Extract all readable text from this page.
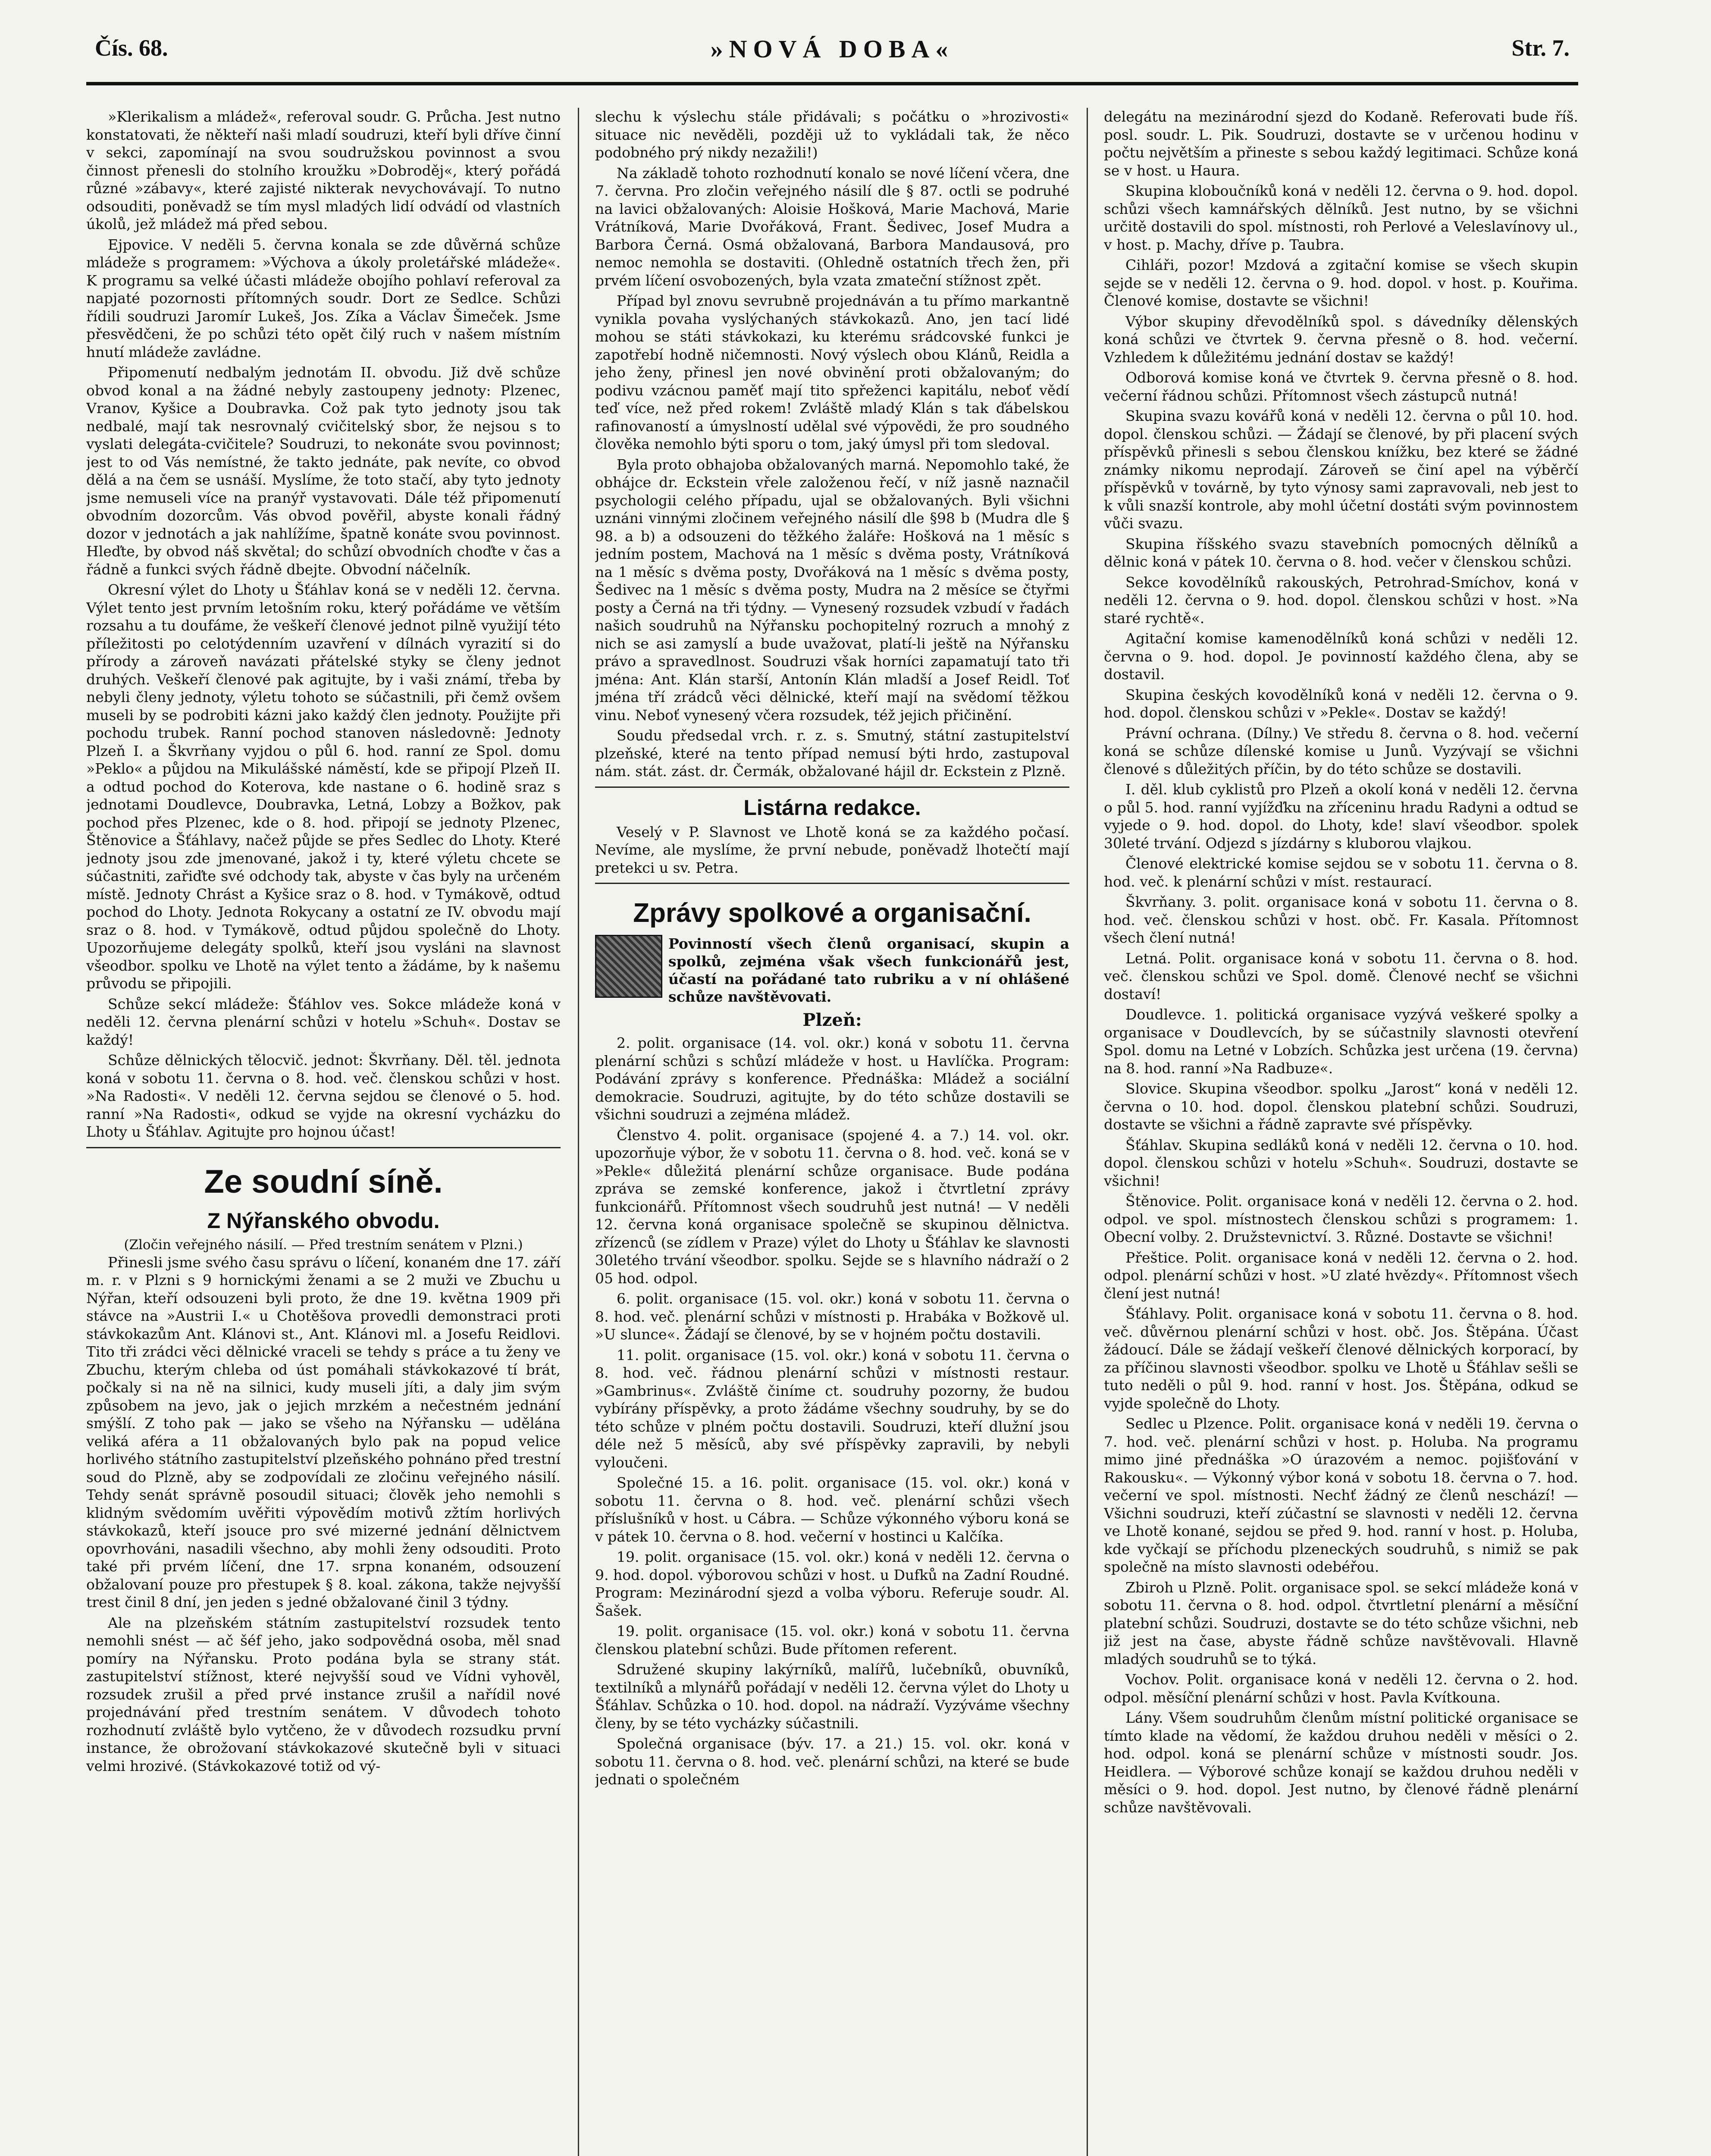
Čís. 68.	»NOVÁ DOBA«	Str. 7.

»Klerikalism a mládež«, referoval soudr. G. Průcha. Jest nutno konstatovati, že někteří naši mladí soudruzi, kteří byli dříve činní v sekci, zapomínají na svou soudružskou povinnost a svou činnost přenesli do stolního kroužku »Dobroděj«, který pořádá různé »zábavy«, které zajisté nikterak nevychovávají. To nutno odsouditi, poněvadž se tím mysl mladých lidí odvádí od vlastních úkolů, jež mládež má před sebou.

Ejpovice. V neděli 5. června konala se zde důvěrná schůze mládeže s programem: »Výchova a úkoly proletářské mládeže«. K programu sa velké účasti mládeže obojího pohlaví referoval za napjaté pozornosti přítomných soudr. Dort ze Sedlce. Schůzi řídili soudruzi Jaromír Lukeš, Jos. Zíka a Václav Šimeček. Jsme přesvědčeni, že po schůzi této opět čilý ruch v našem místním hnutí mládeže zavládne.

Připomenutí nedbalým jednotám II. obvodu. Již dvě schůze obvod konal a na žádné nebyly zastoupeny jednoty: Plzenec, Vranov, Kyšice a Doubravka. Což pak tyto jednoty jsou tak nedbalé, mají tak nesrovnalý cvičitelský sbor, že nejsou s to vyslati delegáta-cvičitele? Soudruzi, to nekonáte svou povinnost; jest to od Vás nemístné, že takto jednáte, pak nevíte, co obvod dělá a na čem se usnáší. Myslíme, že toto stačí, aby tyto jednoty jsme nemuseli více na pranýř vystavovati. Dále též připomenutí obvodním dozorcům. Vás obvod pověřil, abyste konali řádný dozor v jednotách a jak nahlížíme, špatně konáte svou povinnost. Hleďte, by obvod náš skvětal; do schůzí obvodních choďte v čas a řádně a funkci svých řádně dbejte. Obvodní náčelník.

Okresní výlet do Lhoty u Šťáhlav koná se v neděli 12. června. Výlet tento jest prvním letošním roku, který pořádáme ve větším rozsahu a tu doufáme, že veškeří členové jednot pilně využijí této příležitosti po celotýdenním uzavření v dílnách vyrazití si do přírody a zároveň navázati přátelské styky se členy jednot druhých. Veškeří členové pak agitujte, by i vaši známí, třeba by nebyli členy jednoty, výletu tohoto se súčastnili, při čemž ovšem museli by se podrobiti kázni jako každý člen jednoty. Použijte při pochodu trubek. Ranní pochod stanoven následovně: Jednoty Plzeň I. a Škvrňany vyjdou o půl 6. hod. ranní ze Spol. domu »Peklo« a půjdou na Mikulášské náměstí, kde se připojí Plzeň II. a odtud pochod do Koterova, kde nastane o 6. hodině sraz s jednotami Doudlevce, Doubravka, Letná, Lobzy a Božkov, pak pochod přes Plzenec, kde o 8. hod. připojí se jednoty Plzenec, Štěnovice a Šťáhlavy, načež půjde se přes Sedlec do Lhoty. Které jednoty jsou zde jmenované, jakož i ty, které výletu chcete se súčastniti, zařiďte své odchody tak, abyste v čas byly na určeném místě. Jednoty Chrást a Kyšice sraz o 8. hod. v Tymákově, odtud pochod do Lhoty. Jednota Rokycany a ostatní ze IV. obvodu mají sraz o 8. hod. v Tymákově, odtud půjdou společně do Lhoty. Upozorňujeme delegáty spolků, kteří jsou vysláni na slavnost všeodbor. spolku ve Lhotě na výlet tento a žádáme, by k našemu průvodu se připojili.

Schůze sekcí mládeže: Šťáhlov ves. Sokce mládeže koná v neděli 12. června plenární schůzi v hotelu »Schuh«. Dostav se každý!

Schůze dělnických tělocvič. jednot: Škvrňany. Děl. těl. jednota koná v sobotu 11. června o 8. hod. več. členskou schůzi v host. »Na Radosti«. V neděli 12. června sejdou se členové o 5. hod. ranní »Na Radosti«, odkud se vyjde na okresní vycházku do Lhoty u Šťáhlav. Agitujte pro hojnou účast!

Ze soudní síně.
Z Nýřanského obvodu.
(Zločin veřejného násilí. — Před trestním senátem v Plzni.)

Přinesli jsme svého času správu o líčení, konaném dne 17. září m. r. v Plzni s 9 hornickými ženami a se 2 muži ve Zbuchu u Nýřan, kteří odsouzeni byli proto, že dne 19. května 1909 při stávce na »Austrii I.« u Chotěšova provedli demonstraci proti stávkokazům Ant. Klánovi st., Ant. Klánovi ml. a Josefu Reidlovi. Tito tři zrádci věci dělnické vraceli se tehdy s práce a tu ženy ve Zbuchu, kterým chleba od úst pomáhali stávkokazové tí brát, počkaly si na ně na silnici, kudy museli jíti, a daly jim svým způsobem na jevo, jak o jejich mrzkém a nečestném jednání smýšlí. Z toho pak — jako se všeho na Nýřansku — udělána veliká aféra a 11 obžalovaných bylo pak na popud velice horlivého státního zastupitelství plzeňského pohnáno před trestní soud do Plzně, aby se zodpovídali ze zločinu veřejného násilí. Tehdy senát správně posoudil situaci; člověk jeho nemohli s klidným svědomím uvěřiti výpovědím motivů zžtím horlivých stávkokazů, kteří jsouce pro své mizerné jednání dělnictvem opovrhováni, nasadili všechno, aby mohli ženy odsouditi. Proto také při prvém líčení, dne 17. srpna konaném, odsouzení obžalovaní pouze pro přestupek § 8. koal. zákona, takže nejvyšší trest činil 8 dní, jen jeden s jedné obžalované činil 3 týdny.

Ale na plzeňském státním zastupitelství rozsudek tento nemohli snést — ač šéf jeho, jako sodpovědná osoba, měl snad pomíry na Nýřansku. Proto podána byla se strany stát. zastupitelství stížnost, které nejvyšší soud ve Vídni vyhověl, rozsudek zrušil a před prvé instance zrušil a nařídil nové projednávání před trestním senátem. V důvodech tohoto rozhodnutí zvláště bylo vytčeno, že v důvodech rozsudku první instance, že obrožovaní stávkokazové skutečně byli v situaci velmi hrozivé. (Stávkokazové totiž od vý-

slechu k výslechu stále přidávali; s počátku o »hrozivosti« situace nic nevěděli, později už to vykládali tak, že něco podobného prý nikdy nezažili!)

Na základě tohoto rozhodnutí konalo se nové líčení včera, dne 7. června. Pro zločin veřejného násilí dle § 87. octli se podruhé na lavici obžalovaných: Aloisie Hošková, Marie Machová, Marie Vrátníková, Marie Dvořáková, Frant. Šedivec, Josef Mudra a Barbora Černá. Osmá obžalovaná, Barbora Mandausová, pro nemoc nemohla se dostaviti. (Ohledně ostatních třech žen, při prvém líčení osvobozených, byla vzata zmateční stížnost zpět.

Případ byl znovu sevrubně projednáván a tu přímo markantně vynikla povaha vyslýchaných stávkokazů. Ano, jen tací lidé mohou se státi stávkokazi, ku kterému srádcovské funkci je zapotřebí hodně ničemnosti. Nový výslech obou Klánů, Reidla a jeho ženy, přinesl jen nové obvinění proti obžalovaným; do podivu vzácnou paměť mají tito spřeženci kapitálu, neboť vědí teď více, než před rokem! Zvláště mladý Klán s tak ďábelskou rafinovaností a úmyslností udělal své výpovědi, že pro soudného člověka nemohlo býti sporu o tom, jaký úmysl při tom sledoval.

Byla proto obhajoba obžalovaných marná. Nepomohlo také, že obhájce dr. Eckstein vřele založenou řečí, v níž jasně naznačil psychologii celého případu, ujal se obžalovaných. Byli všichni uznáni vinnými zločinem veřejného násilí dle §98 b (Mudra dle § 98. a b) a odsouzeni do těžkého žaláře: Hošková na 1 měsíc s jedním postem, Machová na 1 měsíc s dvěma posty, Vrátníková na 1 měsíc s dvěma posty, Dvořáková na 1 měsíc s dvěma posty, Šedivec na 1 měsíc s dvěma posty, Mudra na 2 měsíce se čtyřmi posty a Černá na tři týdny. — Vynesený rozsudek vzbudí v řadách našich soudruhů na Nýřansku pochopitelný rozruch a mnohý z nich se asi zamyslí a bude uvažovat, platí-li ještě na Nýřansku právo a spravedlnost. Soudruzi však horníci zapamatují tato tři jména: Ant. Klán starší, Antonín Klán mladší a Josef Reidl. Toť jména tří zrádců věci dělnické, kteří mají na svědomí těžkou vinu. Neboť vynesený včera rozsudek, též jejich přičinění.

Soudu předsedal vrch. r. z. s. Smutný, státní zastupitelství plzeňské, které na tento případ nemusí býti hrdo, zastupoval nám. stát. zást. dr. Čermák, obžalované hájil dr. Eckstein z Plzně.

Listárna redakce.

Veselý v P. Slavnost ve Lhotě koná se za každého počasí. Nevíme, ale myslíme, že první nebude, poněvadž lhotečtí mají pretekci u sv. Petra.

Zprávy spolkové a organisační.
Povinností všech členů organisací, skupin a spolků, zejména však všech funkcionářů jest, účastí na pořádané tato rubriku a v ní ohlášené schůze navštěvovati.
Plzeň:

2. polit. organisace (14. vol. okr.) koná v sobotu 11. června plenární schůzi s schůzí mládeže v host. u Havlíčka. Program: Podávání zprávy s konference. Přednáška: Mládež a sociální demokracie. Soudruzi, agitujte, by do této schůze dostavili se všichni soudruzi a zejména mládež.

Členstvo 4. polit. organisace (spojené 4. a 7.) 14. vol. okr. upozorňuje výbor, že v sobotu 11. června o 8. hod. več. koná se v »Pekle« důležitá plenární schůze organisace. Bude podána zpráva se zemské konference, jakož i čtvrtletní zprávy funkcionářů. Přítomnost všech soudruhů jest nutná! — V neděli 12. června koná organisace společně se skupinou dělnictva. zřízenců (se zídlem v Praze) výlet do Lhoty u Šťáhlav ke slavnosti 30letého trvání všeodbor. spolku. Sejde se s hlavního nádraží o 2 05 hod. odpol.

6. polit. organisace (15. vol. okr.) koná v sobotu 11. června o 8. hod. več. plenární schůzi v místnosti p. Hrabáka v Božkově ul. »U slunce«. Žádají se členové, by se v hojném počtu dostavili.

11. polit. organisace (15. vol. okr.) koná v sobotu 11. června o 8. hod. več. řádnou plenární schůzi v místnosti restaur. »Gambrinus«. Zvláště činíme ct. soudruhy pozorny, že budou vybírány příspěvky, a proto žádáme všechny soudruhy, by se do této schůze v plném počtu dostavili. Soudruzi, kteří dlužní jsou déle než 5 měsíců, aby své příspěvky zapravili, by nebyli vyloučeni.

Společné 15. a 16. polit. organisace (15. vol. okr.) koná v sobotu 11. června o 8. hod. več. plenární schůzi všech příslušníků v host. u Cábra. — Schůze výkonného výboru koná se v pátek 10. června o 8. hod. večerní v hostinci u Kalčíka.

19. polit. organisace (15. vol. okr.) koná v neděli 12. června o 9. hod. dopol. výborovou schůzi v host. u Dufků na Zadní Roudné. Program: Mezinárodní sjezd a volba výboru. Referuje soudr. Al. Šašek.

19. polit. organisace (15. vol. okr.) koná v sobotu 11. června členskou platební schůzi. Bude přítomen referent.

Sdružené skupiny lakýrníků, malířů, lučebníků, obuvníků, textilníků a mlynářů pořádají v neděli 12. června výlet do Lhoty u Šťáhlav. Schůzka o 10. hod. dopol. na nádraží. Vyzýváme všechny členy, by se této vycházky súčastnili.

Společná organisace (býv. 17. a 21.) 15. vol. okr. koná v sobotu 11. června o 8. hod. več. plenární schůzi, na které se bude jednati o společném

delegátu na mezinárodní sjezd do Kodaně. Referovati bude říš. posl. soudr. L. Pik. Soudruzi, dostavte se v určenou hodinu v počtu největším a přineste s sebou každý legitimaci. Schůze koná se v host. u Haura.

Skupina kloboučníků koná v neděli 12. června o 9. hod. dopol. schůzi všech kamnářských dělníků. Jest nutno, by se všichni určitě dostavili do spol. místnosti, roh Perlové a Veleslavínovy ul., v host. p. Machy, dříve p. Taubra.

Cihláři, pozor! Mzdová a zgitační komise se všech skupin sejde se v neděli 12. června o 9. hod. dopol. v host. p. Kouřima. Členové komise, dostavte se všichni!

Výbor skupiny dřevodělníků spol. s dávedníky dělenských koná schůzi ve čtvrtek 9. června přesně o 8. hod. večerní. Vzhledem k důležitému jednání dostav se každý!

Odborová komise koná ve čtvrtek 9. června přesně o 8. hod. večerní řádnou schůzi. Přítomnost všech zástupců nutná!

Skupina svazu kovářů koná v neděli 12. června o půl 10. hod. dopol. členskou schůzi. — Žádají se členové, by při placení svých příspěvků přinesli s sebou členskou knížku, bez které se žádné známky nikomu neprodají. Zároveň se činí apel na výběrčí příspěvků v továrně, by tyto výnosy sami zapravovali, neb jest to k vůli snazší kontrole, aby mohl účetní dostáti svým povinnostem vůči svazu.

Skupina říšského svazu stavebních pomocných dělníků a dělnic koná v pátek 10. června o 8. hod. večer v členskou schůzi.

Sekce kovodělníků rakouských, Petrohrad-Smíchov, koná v neděli 12. června o 9. hod. dopol. členskou schůzi v host. »Na staré rychtě«.

Agitační komise kamenodělníků koná schůzi v neděli 12. června o 9. hod. dopol. Je povinností každého člena, aby se dostavil.

Skupina českých kovodělníků koná v neděli 12. června o 9. hod. dopol. členskou schůzi v »Pekle«. Dostav se každý!

Právní ochrana. (Dílny.) Ve středu 8. června o 8. hod. večerní koná se schůze dílenské komise u Junů. Vyzývají se všichni členové s důležitých příčin, by do této schůze se dostavili.

I. děl. klub cyklistů pro Plzeň a okolí koná v neděli 12. června o půl 5. hod. ranní vyjížďku na zříceninu hradu Radyni a odtud se vyjede o 9. hod. dopol. do Lhoty, kde! slaví všeodbor. spolek 30leté trvání. Odjezd s jízdárny s kluborou vlajkou.

Členové elektrické komise sejdou se v sobotu 11. června o 8. hod. več. k plenární schůzi v míst. restaurací.

Škvrňany. 3. polit. organisace koná v sobotu 11. června o 8. hod. več. členskou schůzi v host. obč. Fr. Kasala. Přítomnost všech člení nutná!

Letná. Polit. organisace koná v sobotu 11. června o 8. hod. več. členskou schůzi ve Spol. domě. Členové nechť se všichni dostaví!

Doudlevce. 1. politická organisace vyzývá veškeré spolky a organisace v Doudlevcích, by se súčastnily slavnosti otevření Spol. domu na Letné v Lobzích. Schůzka jest určena (19. června) na 8. hod. ranní »Na Radbuze«.

Slovice. Skupina všeodbor. spolku „Jarost“ koná v neděli 12. června o 10. hod. dopol. členskou platební schůzi. Soudruzi, dostavte se všichni a řádně zapravte své příspěvky.

Šťáhlav. Skupina sedláků koná v neděli 12. června o 10. hod. dopol. členskou schůzi v hotelu »Schuh«. Soudruzi, dostavte se všichni!

Štěnovice. Polit. organisace koná v neděli 12. června o 2. hod. odpol. ve spol. místnostech členskou schůzi s programem: 1. Obecní volby. 2. Družstevnictví. 3. Různé. Dostavte se všichni!

Přeštice. Polit. organisace koná v neděli 12. června o 2. hod. odpol. plenární schůzi v host. »U zlaté hvězdy«. Přítomnost všech člení jest nutná!

Šťáhlavy. Polit. organisace koná v sobotu 11. června o 8. hod. več. důvěrnou plenární schůzi v host. obč. Jos. Štěpána. Účast žádoucí. Dále se žádají veškeří členové dělnických korporací, by za příčinou slavnosti všeodbor. spolku ve Lhotě u Šťáhlav sešli se tuto neděli o půl 9. hod. ranní v host. Jos. Štěpána, odkud se vyjde společně do Lhoty.

Sedlec u Plzence. Polit. organisace koná v neděli 19. června o 7. hod. več. plenární schůzi v host. p. Holuba. Na programu mimo jiné přednáška »O úrazovém a nemoc. pojišťování v Rakousku«. — Výkonný výbor koná v sobotu 18. června o 7. hod. večerní ve spol. místnosti. Nechť žádný ze členů neschází! — Všichni soudruzi, kteří zúčastní se slavnosti v neděli 12. června ve Lhotě konané, sejdou se před 9. hod. ranní v host. p. Holuba, kde vyčkají se příchodu plzeneckých soudruhů, s nimiž se pak společně na místo slavnosti odebéřou.

Zbiroh u Plzně. Polit. organisace spol. se sekcí mládeže koná v sobotu 11. června o 8. hod. odpol. čtvrtletní plenární a měsíční platební schůzi. Soudruzi, dostavte se do této schůze všichni, neb již jest na čase, abyste řádně schůze navštěvovali. Hlavně mladých soudruhů se to týká.

Vochov. Polit. organisace koná v neděli 12. června o 2. hod. odpol. měsíční plenární schůzi v host. Pavla Kvítkouna.

Lány. Všem soudruhům členům místní politické organisace se tímto klade na vědomí, že každou druhou neděli v měsíci o 2. hod. odpol. koná se plenární schůze v místnosti soudr. Jos. Heidlera. — Výborové schůze konají se každou druhou neděli v měsíci o 9. hod. dopol. Jest nutno, by členové řádně plenární schůze navštěvovali.
